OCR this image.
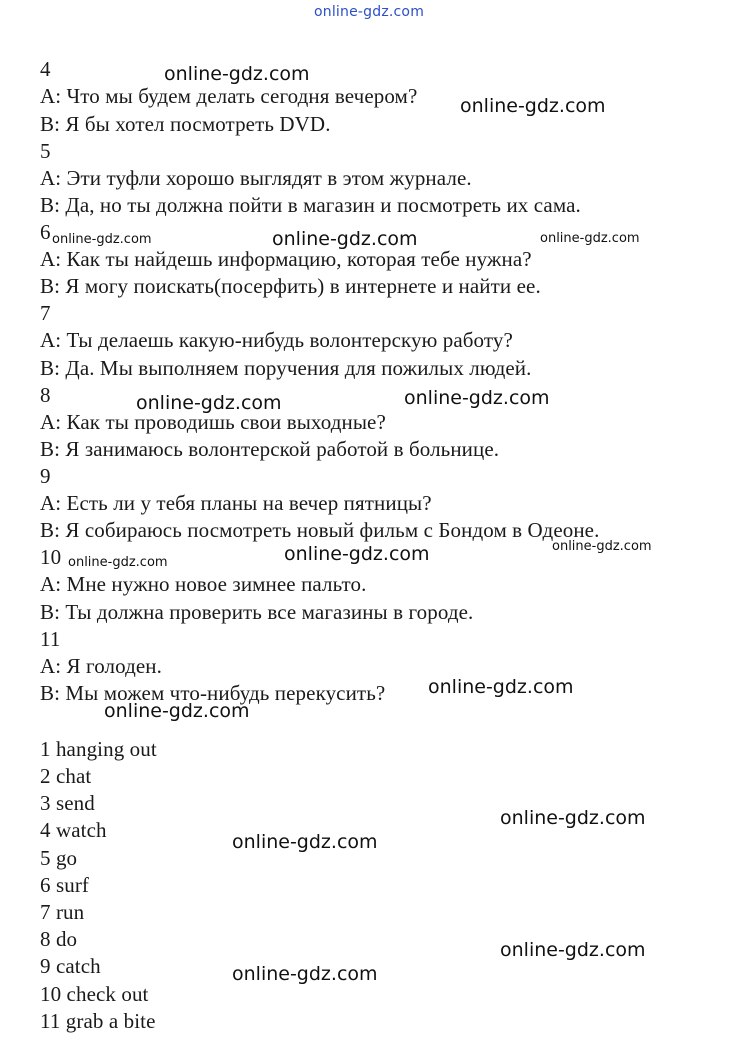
online-gdz.com
4
A: Что мы будем делать сегодня вечером?
B: Я бы хотел посмотреть DVD.
5
A: Эти туфли хорошо выглядят в этом журнале.
B: Да, но ты должна пойти в магазин и посмотреть их сама.
6
A: Как ты найдешь информацию, которая тебе нужна?
B: Я могу поискать(посерфить) в интернете и найти ее.
7
A: Ты делаешь какую-нибудь волонтерскую работу?
B: Да. Мы выполняем поручения для пожилых людей.
8
A: Как ты проводишь свои выходные?
B: Я занимаюсь волонтерской работой в больнице.
9
A: Есть ли у тебя планы на вечер пятницы?
B: Я собираюсь посмотреть новый фильм с Бондом в Одеоне.
10
A: Мне нужно новое зимнее пальто.
B: Ты должна проверить все магазины в городе.
11
A: Я голоден.
B: Мы можем что-нибудь перекусить?
1 hanging out
2 chat
3 send
4 watch
5 go
6 surf
7 run
8 do
9 catch
10 check out
11 grab a bite
online-gdz.com
online-gdz.com
online-gdz.com
online-gdz.com	online-gdz.com
online-gdz.com
online-gdz.com
online-gdz.com
online-gdz.com
online-gdz.com
online-gdz.com
online-gdz.com
online-gdz.com	online-gdz.com
online-gdz.com
online-gdz.com
